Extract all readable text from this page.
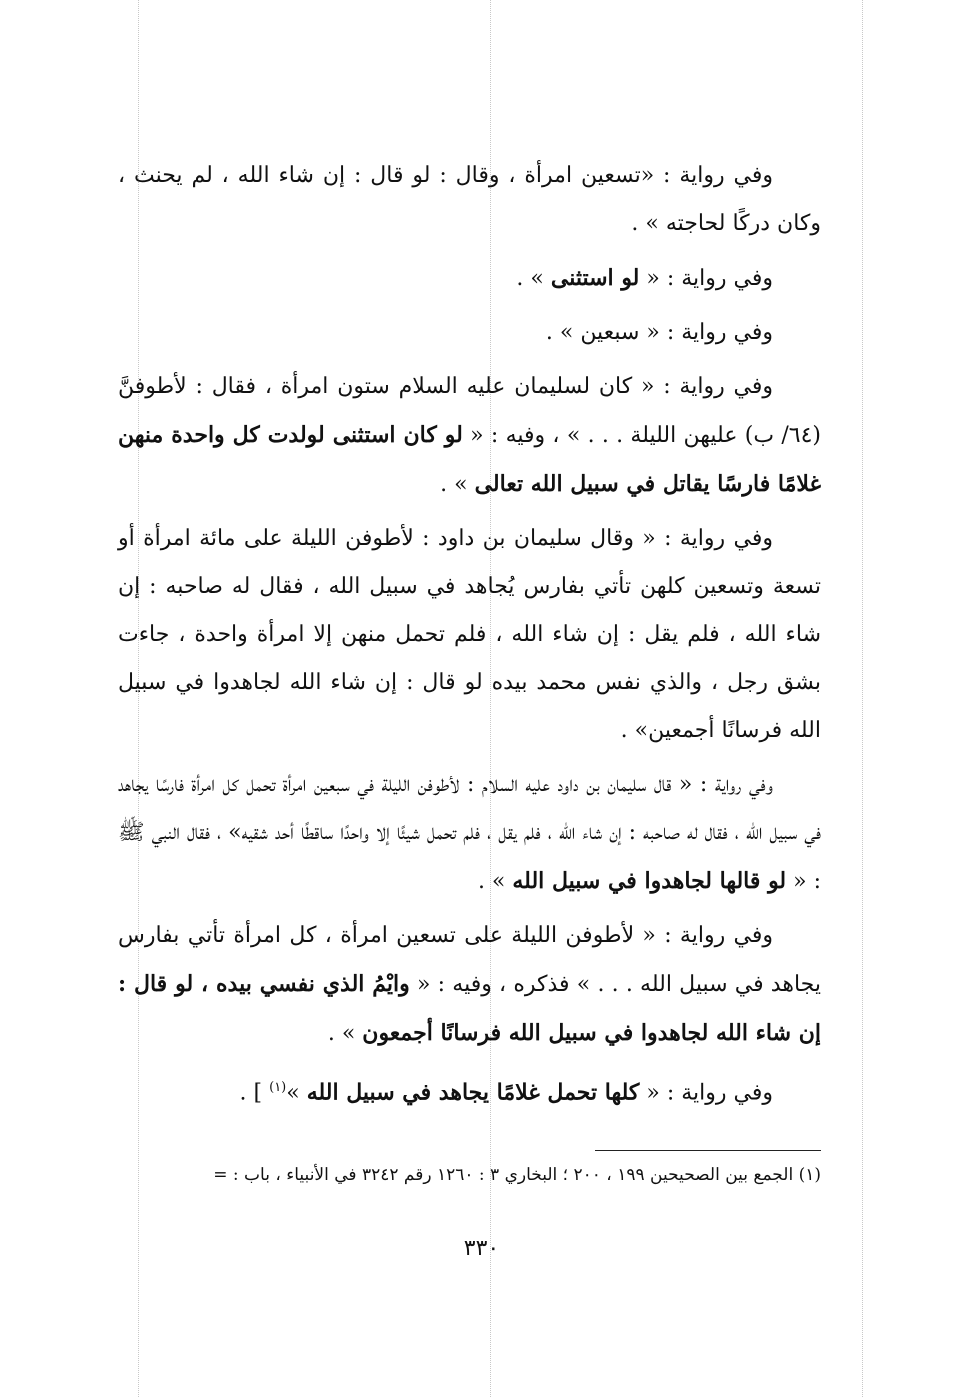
وفي رواية : «تسعين امرأة ، وقال : لو قال : إن شاء الله ، لم يحنث ، وكان دركًا لحاجته » .

وفي رواية : « لو استثنى » .

وفي رواية : « سبعين » .

وفي رواية : « كان لسليمان عليه السلام ستون امرأة ، فقال : لأطوفنَّ (٦٤/ ب) عليهن الليلة . . . » ، وفيه : « لو كان استثنى لولدت كل واحدة منهن غلامًا فارسًا يقاتل في سبيل الله تعالى » .

وفي رواية : « وقال سليمان بن داود : لأطوفن الليلة على مائة امرأة أو تسعة وتسعين كلهن تأتي بفارس يُجاهد في سبيل الله ، فقال له صاحبه : إن شاء الله ، فلم يقل : إن شاء الله ، فلم تحمل منهن إلا امرأة واحدة ، جاءت بشق رجل ، والذي نفس محمد بيده لو قال : إن شاء الله لجاهدوا في سبيل الله فرسانًا أجمعين» .

وفي رواية : « قال سليمان بن داود عليه السلام : لأطوفن الليلة في سبعين امرأة تحمل كل امرأة فارسًا يجاهد في سبيل الله ، فقال له صاحبه : إن شاء الله ، فلم يقل ، فلم تحمل شيئًا إلا واحدًا ساقطًا أحد شقيه» ، فقال النبي ﷺ : « لو قالها لجاهدوا في سبيل الله » .

وفي رواية : « لأطوفن الليلة على تسعين امرأة ، كل امرأة تأتي بفارس يجاهد في سبيل الله . . . » فذكره ، وفيه : « وايْمُ الذي نفسي بيده ، لو قال : إن شاء الله لجاهدوا في سبيل الله فرسانًا أجمعون » .

وفي رواية : « كلها تحمل غلامًا يجاهد في سبيل الله »$^{(١)}$ ] .

(١) الجمع بين الصحيحين ١٩٩ ، ٢٠٠ ؛ البخاري ٣ : ١٢٦٠ رقم ٣٢٤٢ في الأنبياء ، باب : =
٣٣٠
